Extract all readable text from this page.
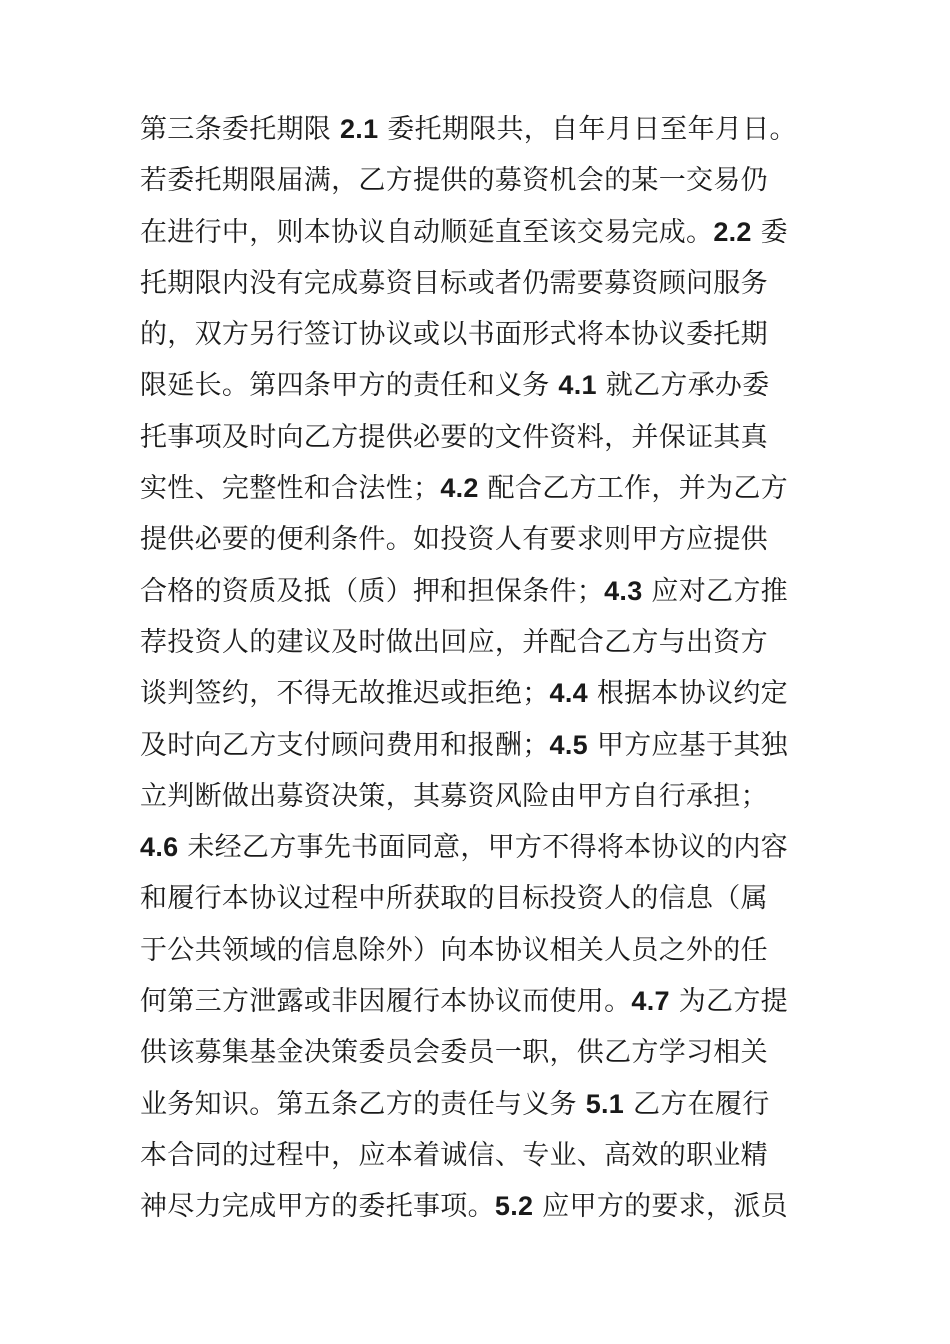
第三条委托期限 2.1 委托期限共，自年月日至年月日。
若委托期限届满，乙方提供的募资机会的某一交易仍
在进行中，则本协议自动顺延直至该交易完成。2.2 委
托期限内没有完成募资目标或者仍需要募资顾问服务
的，双方另行签订协议或以书面形式将本协议委托期
限延长。第四条甲方的责任和义务 4.1 就乙方承办委
托事项及时向乙方提供必要的文件资料，并保证其真
实性、完整性和合法性；4.2 配合乙方工作，并为乙方
提供必要的便利条件。如投资人有要求则甲方应提供
合格的资质及抵（质）押和担保条件；4.3 应对乙方推
荐投资人的建议及时做出回应，并配合乙方与出资方
谈判签约，不得无故推迟或拒绝；4.4 根据本协议约定
及时向乙方支付顾问费用和报酬；4.5 甲方应基于其独
立判断做出募资决策，其募资风险由甲方自行承担；
4.6 未经乙方事先书面同意，甲方不得将本协议的内容
和履行本协议过程中所获取的目标投资人的信息（属
于公共领域的信息除外）向本协议相关人员之外的任
何第三方泄露或非因履行本协议而使用。4.7 为乙方提
供该募集基金决策委员会委员一职，供乙方学习相关
业务知识。第五条乙方的责任与义务 5.1 乙方在履行
本合同的过程中，应本着诚信、专业、高效的职业精
神尽力完成甲方的委托事项。5.2 应甲方的要求，派员
